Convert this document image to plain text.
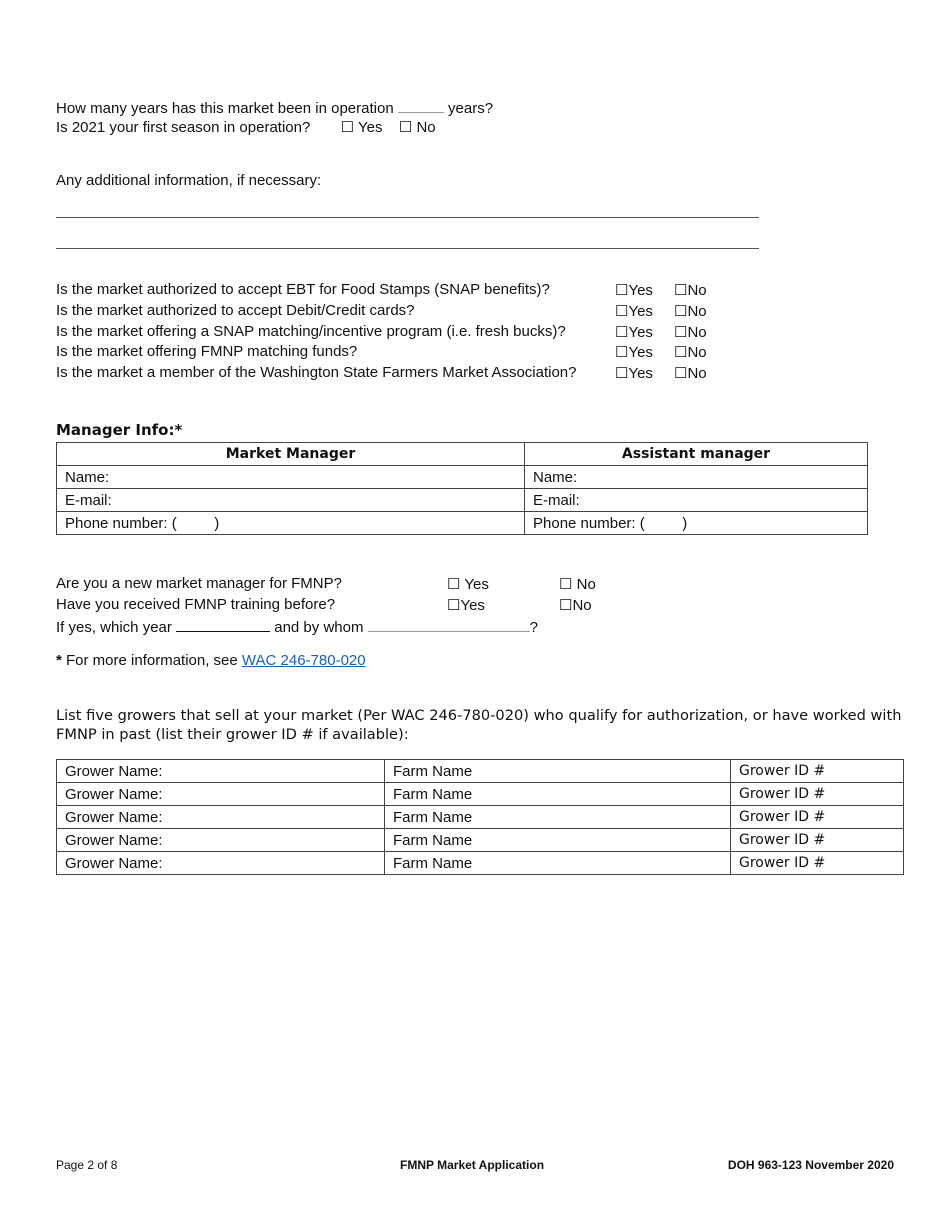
How many years has this market been in operation	years?
Is 2021 your first season in operation? ☐ Yes ☐ No
Any additional information, if necessary:
Is the market authorized to accept EBT for Food Stamps (SNAP benefits)?	☐Yes ☐No
Is the market authorized to accept Debit/Credit cards?	☐Yes ☐No
Is the market offering a SNAP matching/incentive program (i.e. fresh bucks)?	☐Yes ☐No
Is the market offering FMNP matching funds?	☐Yes ☐No
Is the market a member of the Washington State Farmers Market Association?	☐Yes ☐No
Manager Info:*
Market Manager	Assistant manager
Name:	Name:
E-mail:	E-mail:
Phone number: (         )	Phone number: (         )
Are you a new market manager for FMNP?	☐ Yes	☐ No
Have you received FMNP training before?	☐Yes	☐No
If yes, which year	and by whom	?
* For more information, see WAC 246-780-020
List five growers that sell at your market (Per WAC 246-780-020) who qualify for authorization, or have worked with FMNP in past (list their grower ID # if available):
Grower Name:	Farm Name	Grower ID #
Grower Name:	Farm Name	Grower ID #
Grower Name:	Farm Name	Grower ID #
Grower Name:	Farm Name	Grower ID #
Grower Name:	Farm Name	Grower ID #
Page 2 of 8	FMNP Market Application	DOH 963-123 November 2020
